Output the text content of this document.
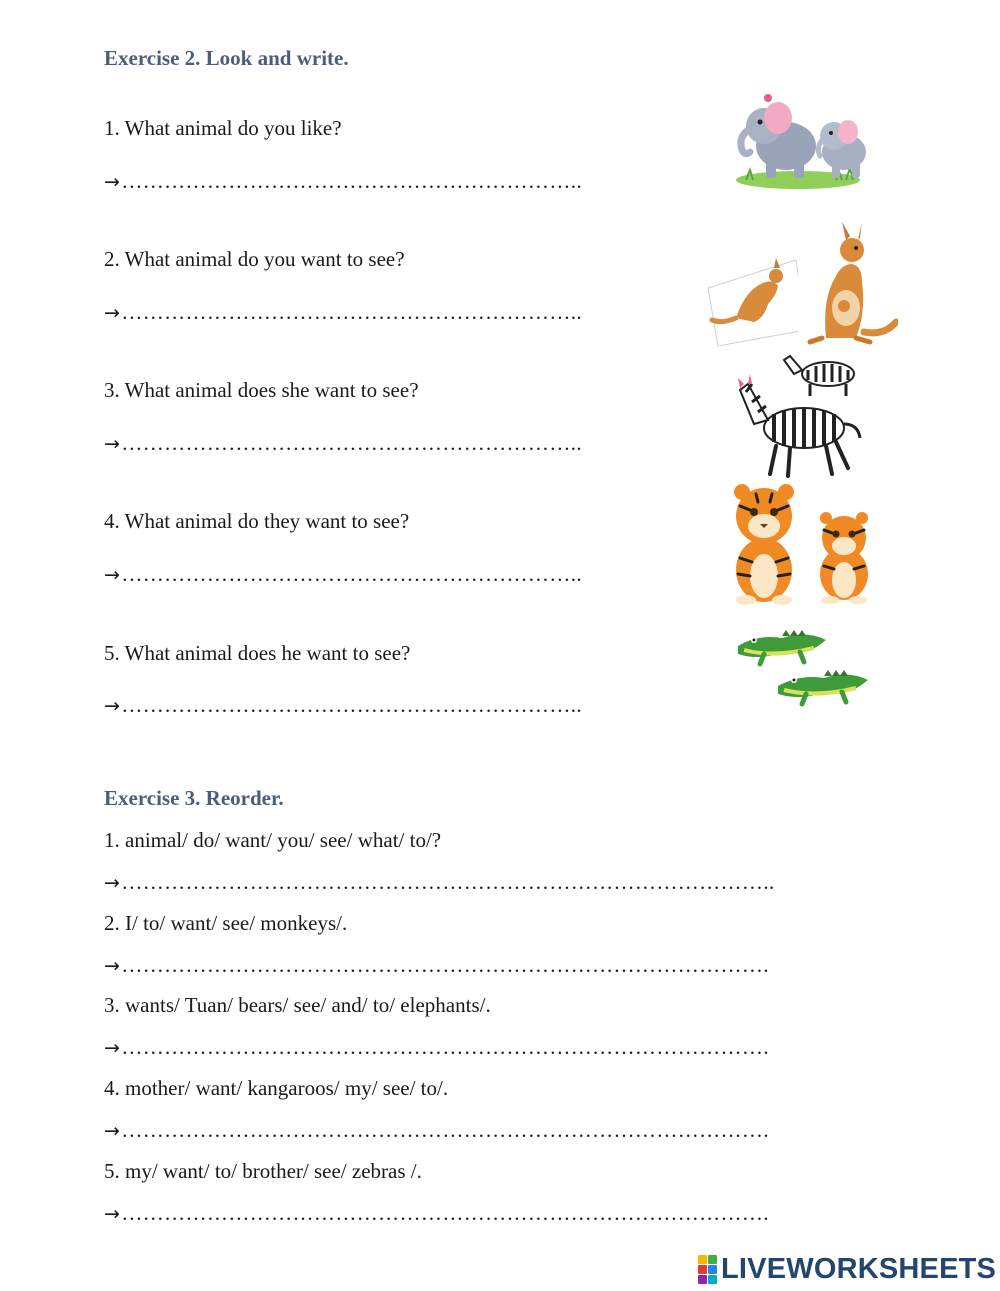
Exercise 2. Look and write.
1. What animal do you like?
→………………………………………………………..
2. What animal do you want to see?
→………………………………………………………..
3. What animal does she want to see?
→………………………………………………………..
4. What animal do they want to see?
→………………………………………………………..
5. What animal does he want to see?
→………………………………………………………..
Exercise 3. Reorder.
1. animal/ do/ want/ you/ see/ what/ to/?
→………………………………………………………………………………..
2. I/ to/ want/ see/ monkeys/.
→……………………………………………………………………………….
3. wants/ Tuan/ bears/ see/ and/ to/ elephants/.
→……………………………………………………………………………….
4. mother/ want/ kangaroos/ my/ see/ to/.
→……………………………………………………………………………….
5. my/ want/ to/ brother/ see/ zebras /.
→……………………………………………………………………………….
LIVEWORKSHEETS
